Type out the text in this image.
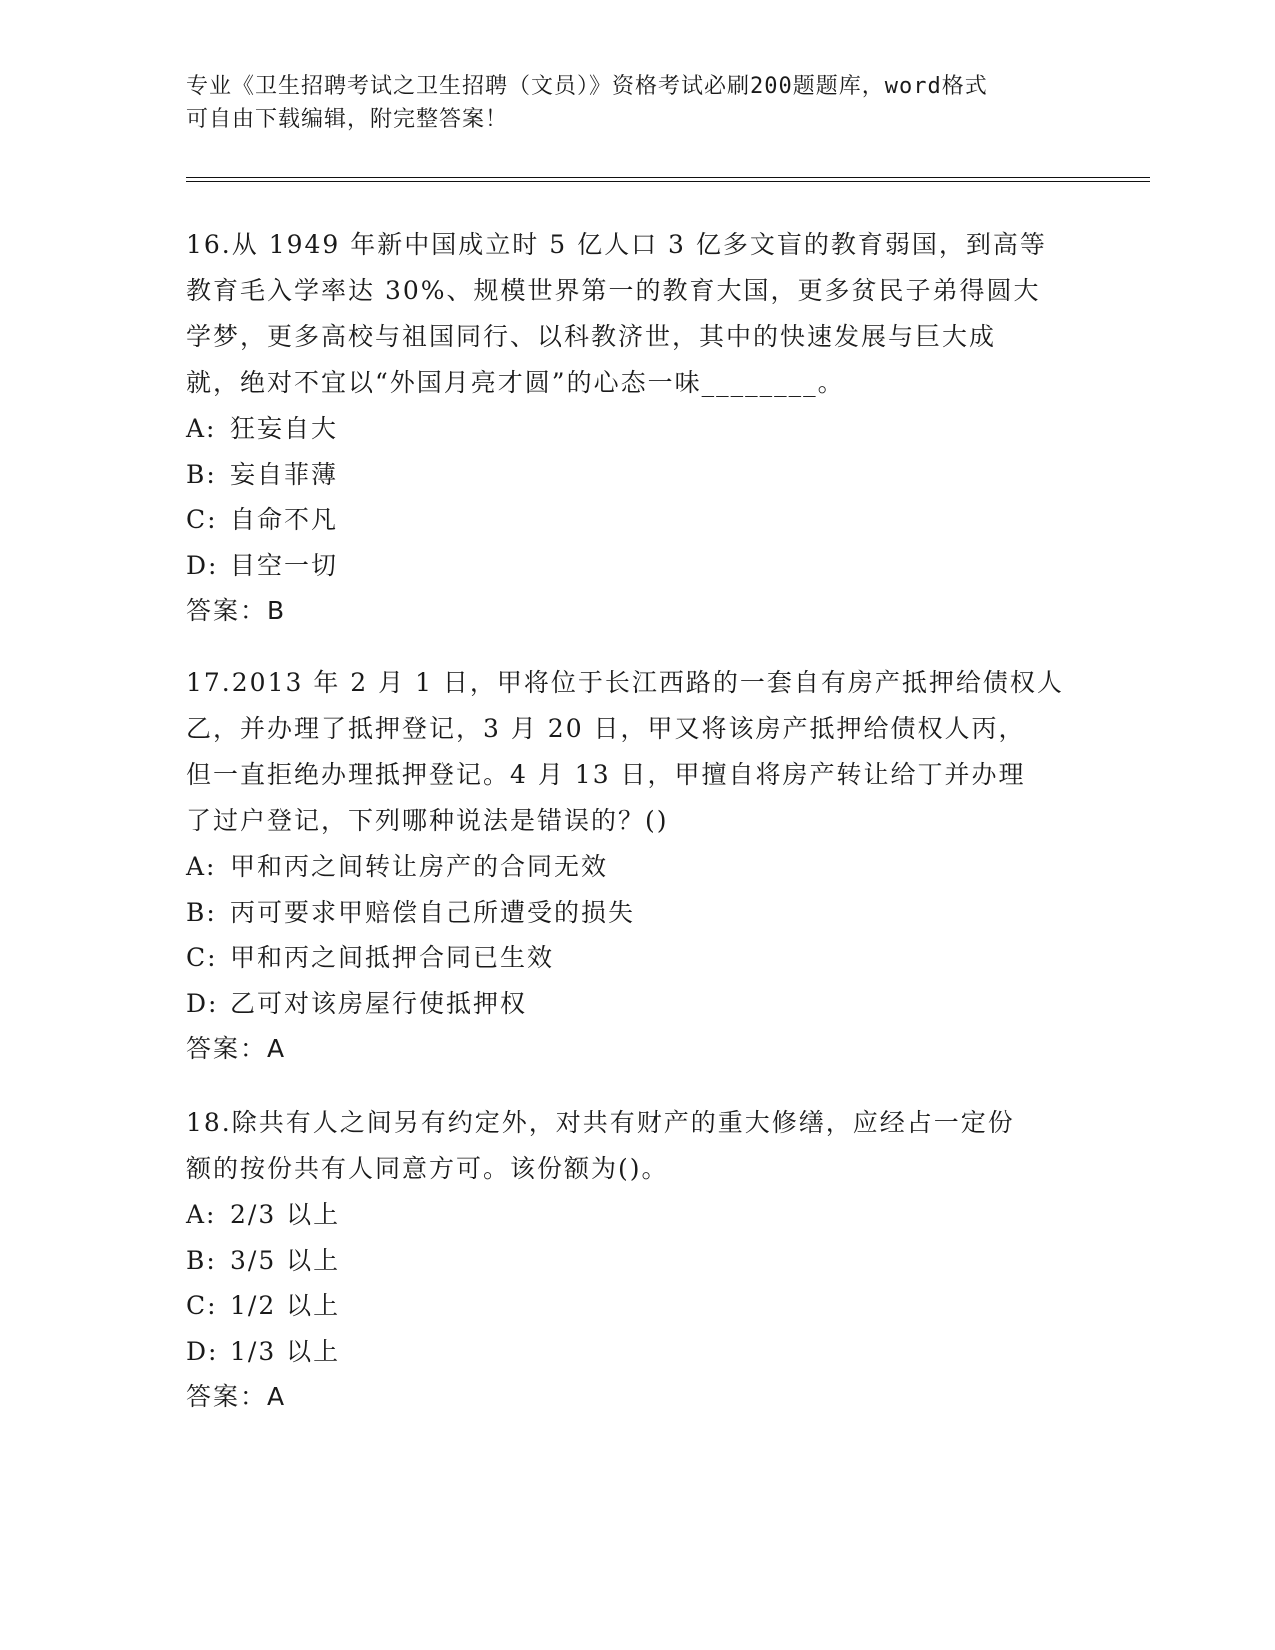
专业《卫生招聘考试之卫生招聘（文员）》资格考试必刷200题题库，word格式
可自由下载编辑，附完整答案！
16.从 1949 年新中国成立时 5 亿人口 3 亿多文盲的教育弱国，到高等
教育毛入学率达 30%、规模世界第一的教育大国，更多贫民子弟得圆大
学梦，更多高校与祖国同行、以科教济世，其中的快速发展与巨大成
就，绝对不宜以“外国月亮才圆”的心态一味________。
A: 狂妄自大
B: 妄自菲薄
C: 自命不凡
D: 目空一切
答案：B
17.2013 年 2 月 1 日，甲将位于长江西路的一套自有房产抵押给债权人
乙，并办理了抵押登记，3 月 20 日，甲又将该房产抵押给债权人丙，
但一直拒绝办理抵押登记。4 月 13 日，甲擅自将房产转让给丁并办理
了过户登记，下列哪种说法是错误的？()
A: 甲和丙之间转让房产的合同无效
B: 丙可要求甲赔偿自己所遭受的损失
C: 甲和丙之间抵押合同已生效
D: 乙可对该房屋行使抵押权
答案：A
18.除共有人之间另有约定外，对共有财产的重大修缮，应经占一定份
额的按份共有人同意方可。该份额为()。
A: 2/3 以上
B: 3/5 以上
C: 1/2 以上
D: 1/3 以上
答案：A
